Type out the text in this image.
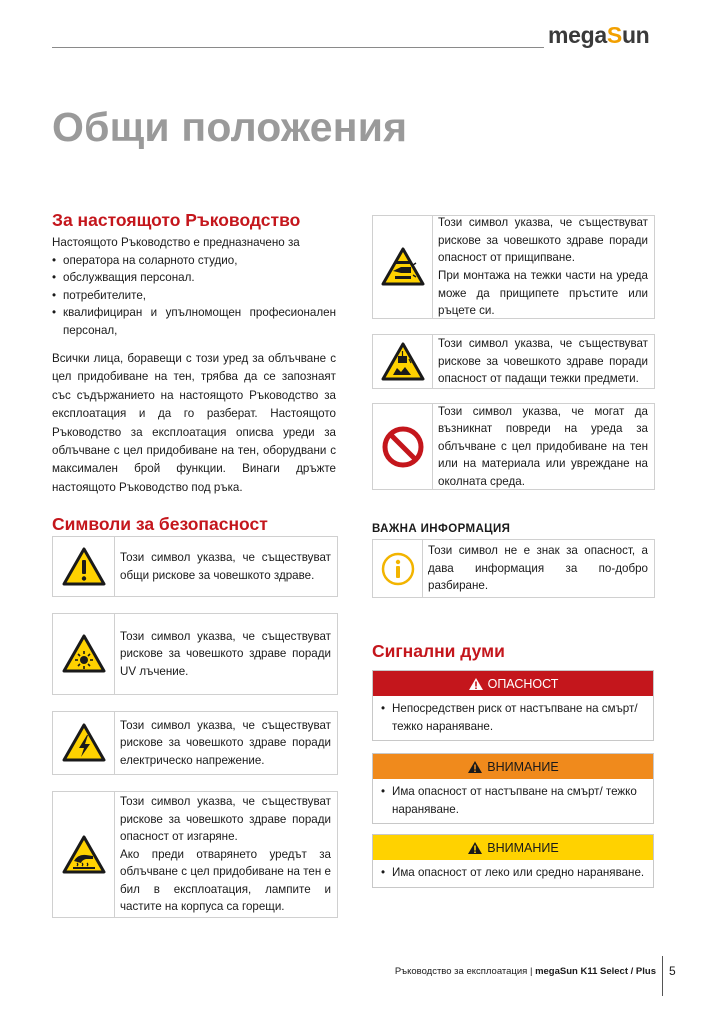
megaSun
Общи положения
За настоящото Ръководство

Настоящото Ръководство е предназначено за

• оператора на соларното студио,
• обслужващия персонал.
• потребителите,
• квалифициран и упълномощен професионален персонал,

Всички лица, боравещи с този уред за облъчване с цел придобиване на тен, трябва да се запознаят със съдържанието на настоящото Ръководство за експлоатация и да го разберат. Настоящото Ръководство за експлоатация описва уреди за облъчване с цел придобиване на тен, оборудвани с максимален брой функции. Винаги дръжте настоящото Ръководство под ръка.

Символи за безопасност

Този символ указва, че съществуват общи рискове за човешкото здраве.

Този символ указва, че съществуват рискове за човешкото здраве поради UV лъчение.

Този символ указва, че съществуват рискове за човешкото здраве поради електрическо напрежение.

Този символ указва, че съществуват рискове за човешкото здраве поради опасност от изгаряне.

Ако преди отварянето уредът за облъчване с цел придобиване на тен е бил в експлоатация, лампите и частите на корпуса са горещи.

Този символ указва, че съществуват рискове за човешкото здраве поради опасност от прищипване.

При монтажа на тежки части на уреда може да прищипете пръстите или ръцете си.

Този символ указва, че съществуват рискове за човешкото здраве поради опасност от падащи тежки предмети.

Този символ указва, че могат да възникнат повреди на уреда за облъчване с цел придобиване на тен или на материала или увреждане на околната среда.

ВАЖНА ИНФОРМАЦИЯ

Този символ не е знак за опасност, а дава информация за по-добро разбиране.

Сигнални думи
ОПАСНОСТ
• Непосредствен риск от настъпване на смърт/ тежко нараняване.
ВНИМАНИЕ
• Има опасност от настъпване на смърт/ тежко нараняване.
ВНИМАНИЕ
• Има опасност от леко или средно нараняване.
Ръководство за експлоатация | megaSun K11 Select / Plus 5
